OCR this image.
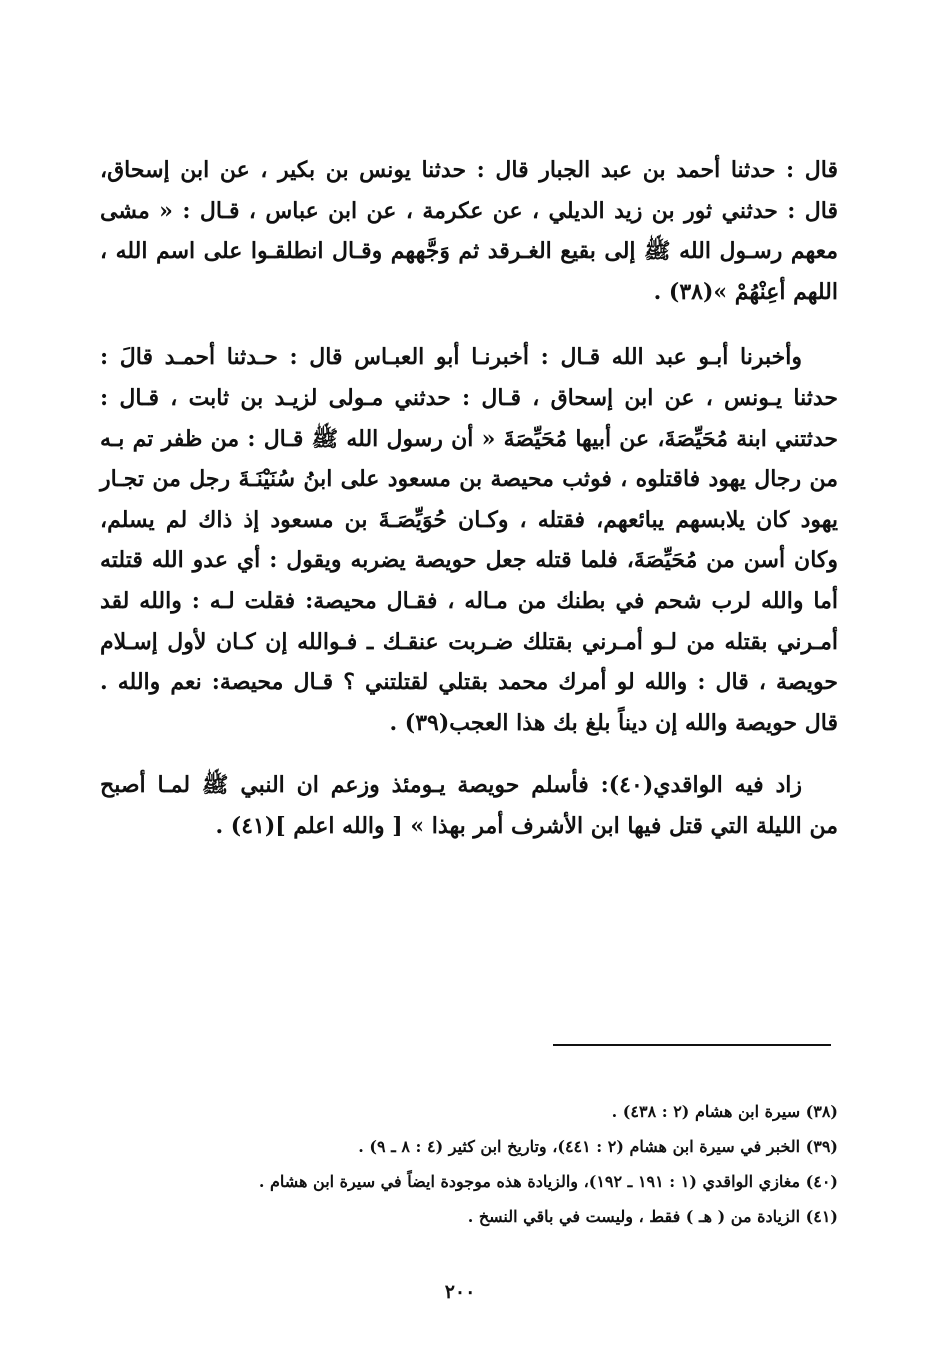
قال : حدثنا أحمد بن عبد الجبار قال : حدثنا يونس بن بكير ، عن ابن إسحاق،
قال : حدثني ثور بن زيد الديلي ، عن عكرمة ، عن ابن عباس ، قـال : « مشى
معهم رسـول الله ﷺ إلى بقيع الغـرقد ثم وَجَّههم وقـال انطلقـوا على اسم الله ،
اللهم أعِنْهُمْ »(٣٨) .
وأخبرنا أبـو عبد الله قـال : أخبرنـا أبو العبـاس قال : حـدثنا أحمـد قالَ :
حدثنا يـونس ، عن ابن إسحاق ، قـال : حدثني مـولى لزيـد بن ثابت ، قـال :
حدثتني ابنة مُحَيِّصَةَ، عن أبيها مُحَيِّصَةَ « أن رسول الله ﷺ قـال : من ظفر تم بـه
من رجال يهود فاقتلوه ، فوثب محيصة بن مسعود على ابنُ سُنَيْنَـةَ رجل من تجـار
يهود كان يلابسهم يبائعهم، فقتله ، وكـان حُوَيِّصَـةَ بن مسعود إذ ذاك لم يسلم،
وكان أسن من مُحَيِّصَةَ، فلما قتله جعل حويصة يضربه ويقول : أي عدو الله قتلته
أما والله لرب شحم في بطنك من مـاله ، فقـال محيصة: فقلت لـه : والله لقد
أمـرني بقتله من لـو أمـرني بقتلك ضـربت عنقـك ـ فـوالله إن كـان لأول إسـلام
حويصة ، قال : والله لو أمرك محمد بقتلي لقتلتني ؟ قـال محيصة: نعم والله .
قال حويصة والله إن ديناً بلغ بك هذا العجب(٣٩) .
زاد فيه الواقدي(٤٠): فأسلم حويصة يـومئذ وزعم ان النبي ﷺ لمـا أصبح
من الليلة التي قتل فيها ابن الأشرف أمر بهذا » [ والله اعلم ](٤١) .
(٣٨) سيرة ابن هشام (٢ : ٤٣٨) .
(٣٩) الخبر في سيرة ابن هشام (٢ : ٤٤١)، وتاريخ ابن كثير (٤ : ٨ ـ ٩) .
(٤٠) مغازي الواقدي (١ : ١٩١ ـ ١٩٢)، والزيادة هذه موجودة ايضاً في سيرة ابن هشام .
(٤١) الزيادة من ( هـ ) فقط ، وليست في باقي النسخ .
٢٠٠
